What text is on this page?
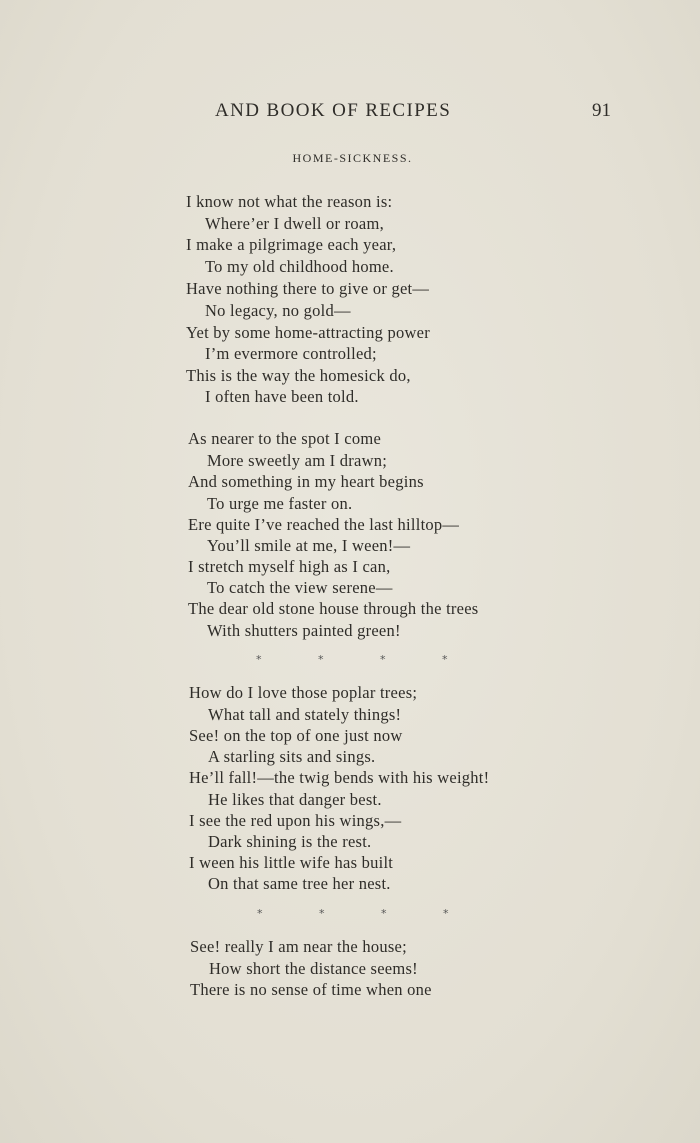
AND BOOK OF RECIPES	91
HOME-SICKNESS.
I know not what the reason is:
Where’er I dwell or roam,
I make a pilgrimage each year,
To my old childhood home.
Have nothing there to give or get—
No legacy, no gold—
Yet by some home-attracting power
I’m evermore controlled;
This is the way the homesick do,
I often have been told.
As nearer to the spot I come
More sweetly am I drawn;
And something in my heart begins
To urge me faster on.
Ere quite I’ve reached the last hilltop—
You’ll smile at me, I ween!—
I stretch myself high as I can,
To catch the view serene—
The dear old stone house through the trees
With shutters painted green!
*	*	*	*
How do I love those poplar trees;
What tall and stately things!
See! on the top of one just now
A starling sits and sings.
He’ll fall!—the twig bends with his weight!
He likes that danger best.
I see the red upon his wings,—
Dark shining is the rest.
I ween his little wife has built
On that same tree her nest.
*	*	*	*
See! really I am near the house;
How short the distance seems!
There is no sense of time when one
